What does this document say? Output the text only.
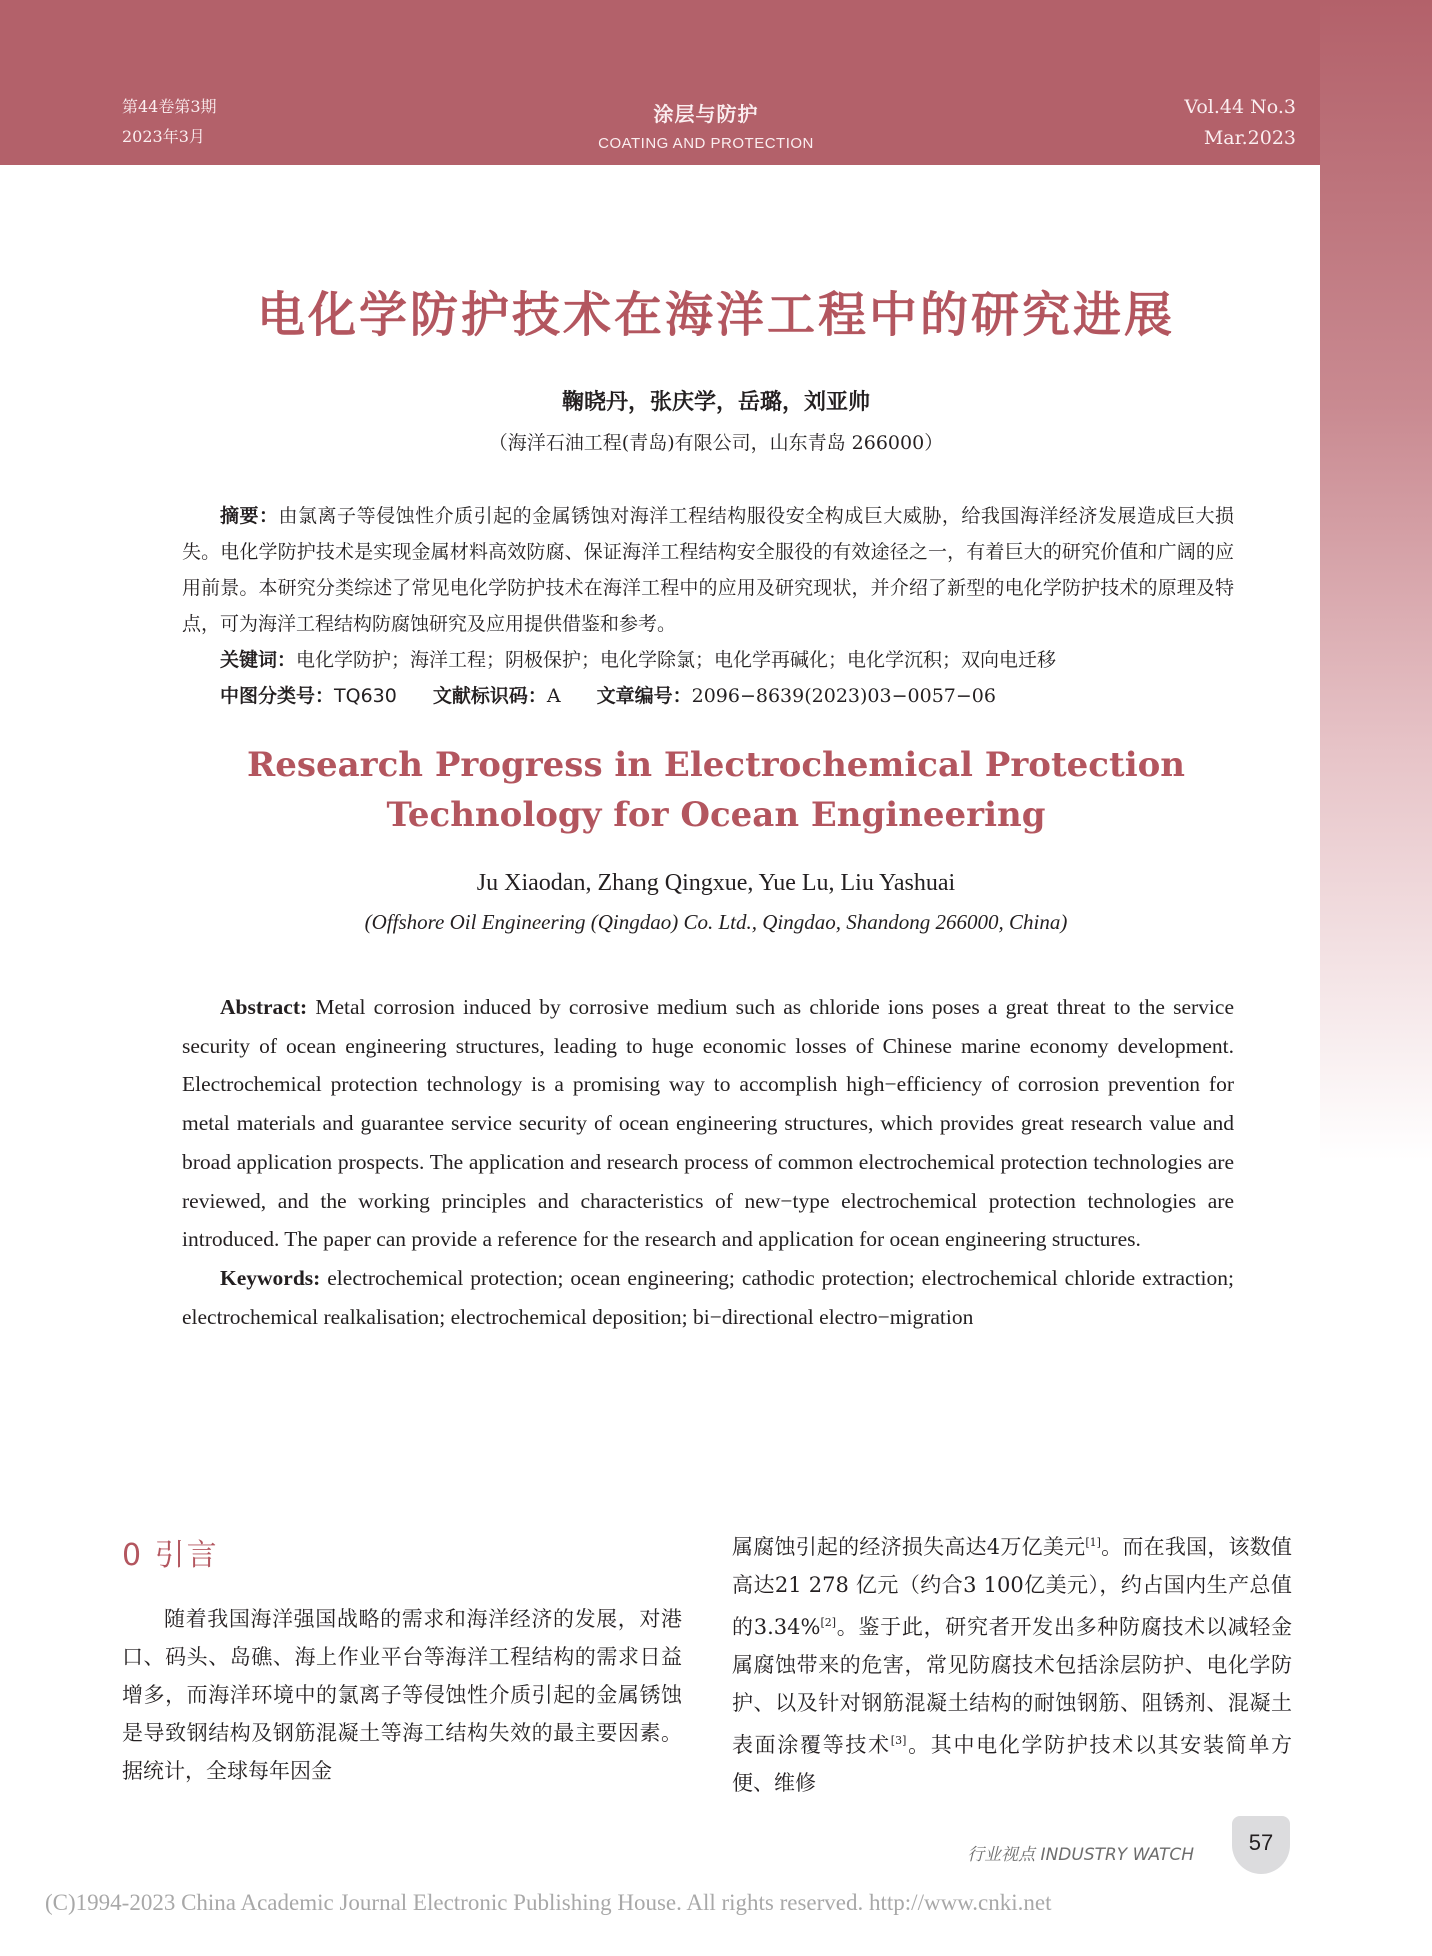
第44卷第3期
2023年3月
涂层与防护
COATING AND PROTECTION
Vol.44 No.3
Mar.2023
电化学防护技术在海洋工程中的研究进展
鞠晓丹，张庆学，岳璐，刘亚帅
（海洋石油工程(青岛)有限公司，山东青岛 266000）

摘要：由氯离子等侵蚀性介质引起的金属锈蚀对海洋工程结构服役安全构成巨大威胁，给我国海洋经济发展造成巨大损失。电化学防护技术是实现金属材料高效防腐、保证海洋工程结构安全服役的有效途径之一，有着巨大的研究价值和广阔的应用前景。本研究分类综述了常见电化学防护技术在海洋工程中的应用及研究现状，并介绍了新型的电化学防护技术的原理及特点，可为海洋工程结构防腐蚀研究及应用提供借鉴和参考。

关键词：电化学防护；海洋工程；阴极保护；电化学除氯；电化学再碱化；电化学沉积；双向电迁移
中图分类号：TQ630 文献标识码：A 文章编号：2096−8639(2023)03−0057−06
Research Progress in Electrochemical Protection
Technology for Ocean Engineering
Ju Xiaodan, Zhang Qingxue, Yue Lu, Liu Yashuai
(Offshore Oil Engineering (Qingdao) Co. Ltd., Qingdao, Shandong 266000, China)

Abstract: Metal corrosion induced by corrosive medium such as chloride ions poses a great threat to the service security of ocean engineering structures, leading to huge economic losses of Chinese marine economy development. Electrochemical protection technology is a promising way to accomplish high−efficiency of corrosion prevention for metal materials and guarantee service security of ocean engineering structures, which provides great research value and broad application prospects. The application and research process of common electrochemical protection technologies are reviewed, and the working principles and characteristics of new−type electrochemical protection technologies are introduced. The paper can provide a reference for the research and application for ocean engineering structures.

Keywords: electrochemical protection; ocean engineering; cathodic protection; electrochemical chloride extraction; electrochemical realkalisation; electrochemical deposition; bi−directional electro−migration

0 引言

随着我国海洋强国战略的需求和海洋经济的发展，对港口、码头、岛礁、海上作业平台等海洋工程结构的需求日益增多，而海洋环境中的氯离子等侵蚀性介质引起的金属锈蚀是导致钢结构及钢筋混凝土等海工结构失效的最主要因素。据统计，全球每年因金

属腐蚀引起的经济损失高达4万亿美元[1]。而在我国，该数值高达21 278 亿元（约合3 100亿美元），约占国内生产总值的3.34%[2]。鉴于此，研究者开发出多种防腐技术以减轻金属腐蚀带来的危害，常见防腐技术包括涂层防护、电化学防护、以及针对钢筋混凝土结构的耐蚀钢筋、阻锈剂、混凝土表面涂覆等技术[3]。其中电化学防护技术以其安装简单方便、维修

行业视点 INDUSTRY WATCH	57
(C)1994-2023 China Academic Journal Electronic Publishing House. All rights reserved. http://www.cnki.net
